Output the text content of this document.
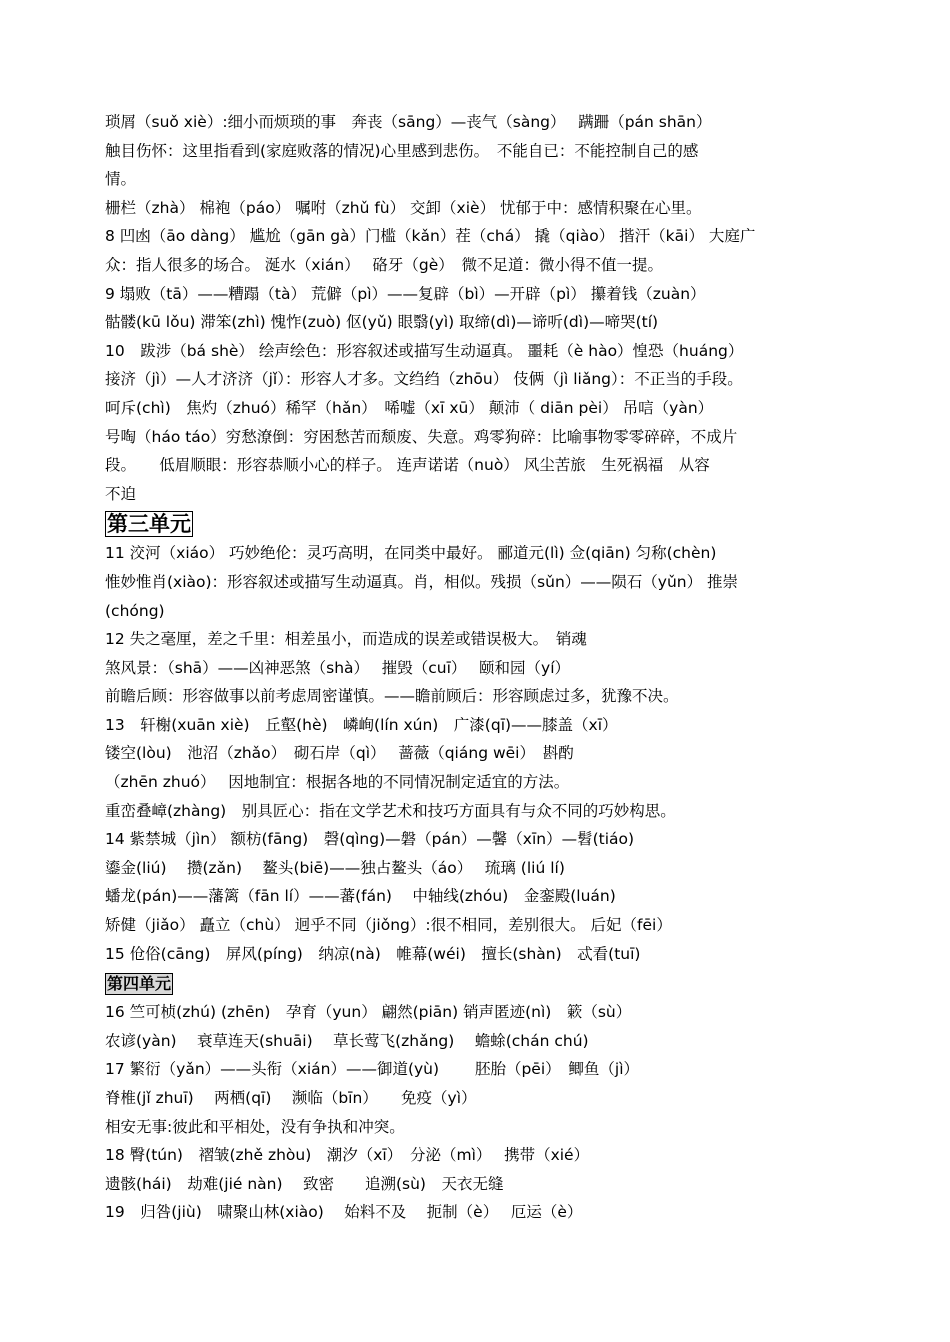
琐屑（suǒ xiè）:细小而烦琐的事　奔丧（sāng）—丧气（sàng）　 蹒跚（pán shān）
触目伤怀：这里指看到(家庭败落的情况)心里感到悲伤。　不能自已：不能控制自己的感
情。
栅栏（zhà） 棉袍（páo） 嘱咐（zhǔ fù） 交卸（xiè） 忧郁于中：感情积聚在心里。
8 凹凼（āo dàng） 尴尬（gān gà）门槛（kǎn）茬（chá） 撬（qiào） 揩汗（kāi） 大庭广
众：指人很多的场合。 涎水（xián）　 硌牙（gè）　微不足道：微小得不值一提。
9 塌败（tā）——糟蹋（tà） 荒僻（pì）——复辟（bì）—开辟（pì） 攥着钱（zuàn）
骷髅(kū lǒu) 滞笨(zhì) 愧怍(zuò) 伛(yǔ) 眼翳(yì) 取缔(dì)—谛听(dì)—啼哭(tí)
10　跋涉（bá shè） 绘声绘色：形容叙述或描写生动逼真。 噩耗（è hào）惶恐（huáng）
接济（jì）—人才济济（jǐ）：形容人才多。文绉绉（zhōu） 伎俩（jì liǎng）：不正当的手段。
呵斥(chì)　焦灼（zhuó）稀罕（hǎn）　唏嘘（xī xū） 颠沛（ diān pèi） 吊唁（yàn）
号啕（háo táo）穷愁潦倒：穷困愁苦而颓废、失意。鸡零狗碎：比喻事物零零碎碎，不成片
段。　　低眉顺眼：形容恭顺小心的样子。 连声诺诺（nuò） 风尘苦旅　生死祸福　从容
不迫
第三单元
11 洨河（xiáo） 巧妙绝伦：灵巧高明，在同类中最好。 郦道元(lì) 佥(qiān) 匀称(chèn)
惟妙惟肖(xiào)：形容叙述或描写生动逼真。肖，相似。残损（sǔn）——陨石（yǔn） 推崇
(chóng)
12 失之毫厘，差之千里：相差虽小，而造成的误差或错误极大。　销魂
煞风景：（shā）——凶神恶煞（shà）　 摧毁（cuī）　 颐和园（yí）
前瞻后顾：形容做事以前考虑周密谨慎。——瞻前顾后：形容顾虑过多，犹豫不决。
13　轩榭(xuān xiè)　丘壑(hè)　嶙峋(lín xún)　广漆(qī)——膝盖（xī）
镂空(lòu)　池沼（zhǎo）　砌石岸（qì）　 蔷薇（qiáng wēi）　斟酌
（zhēn zhuó）　 因地制宜：根据各地的不同情况制定适宜的方法。
重峦叠嶂(zhàng)　别具匠心：指在文学艺术和技巧方面具有与众不同的巧妙构思。
14 紫禁城（jìn） 额枋(fāng)　磬(qìng)—磐（pán）—馨（xīn）—髫(tiáo)
鎏金(liú)　 攒(zǎn)　 鳌头(biē)——独占鳌头（áo）　 琉璃 (liú lí)
蟠龙(pán)——藩篱（fān lí）——蕃(fán)　 中轴线(zhóu)　金銮殿(luán)
矫健（jiǎo） 矗立（chù） 迥乎不同（jiǒng）:很不相同，差别很大。 后妃（fēi）
15 伧俗(cāng)　屏风(píng)　纳凉(nà)　帷幕(wéi)　擅长(shàn)　忒看(tuī)
第四单元
16 竺可桢(zhú) (zhēn)　孕育（yun） 翩然(piān) 销声匿迹(nì)　簌（sù）
农谚(yàn)　 衰草连天(shuāi)　 草长莺飞(zhǎng)　 蟾蜍(chán chú)
17 繁衍（yǎn）——头衔（xián）——御道(yù)　　 胚胎（pēi）　鲫鱼（jì）
脊椎(jǐ zhuī)　 两栖(qī)　 濒临（bīn）　　免疫（yì）
相安无事:彼此和平相处，没有争执和冲突。
18 臀(tún)　褶皱(zhě zhòu)　潮汐（xī）　分泌（mì）　 携带（xié）
遗骸(hái)　劫难(jié nàn)　 致密　　追溯(sù)　天衣无缝
19　归咎(jiù)　啸聚山林(xiào)　 始料不及　 扼制（è）　 厄运（è）
